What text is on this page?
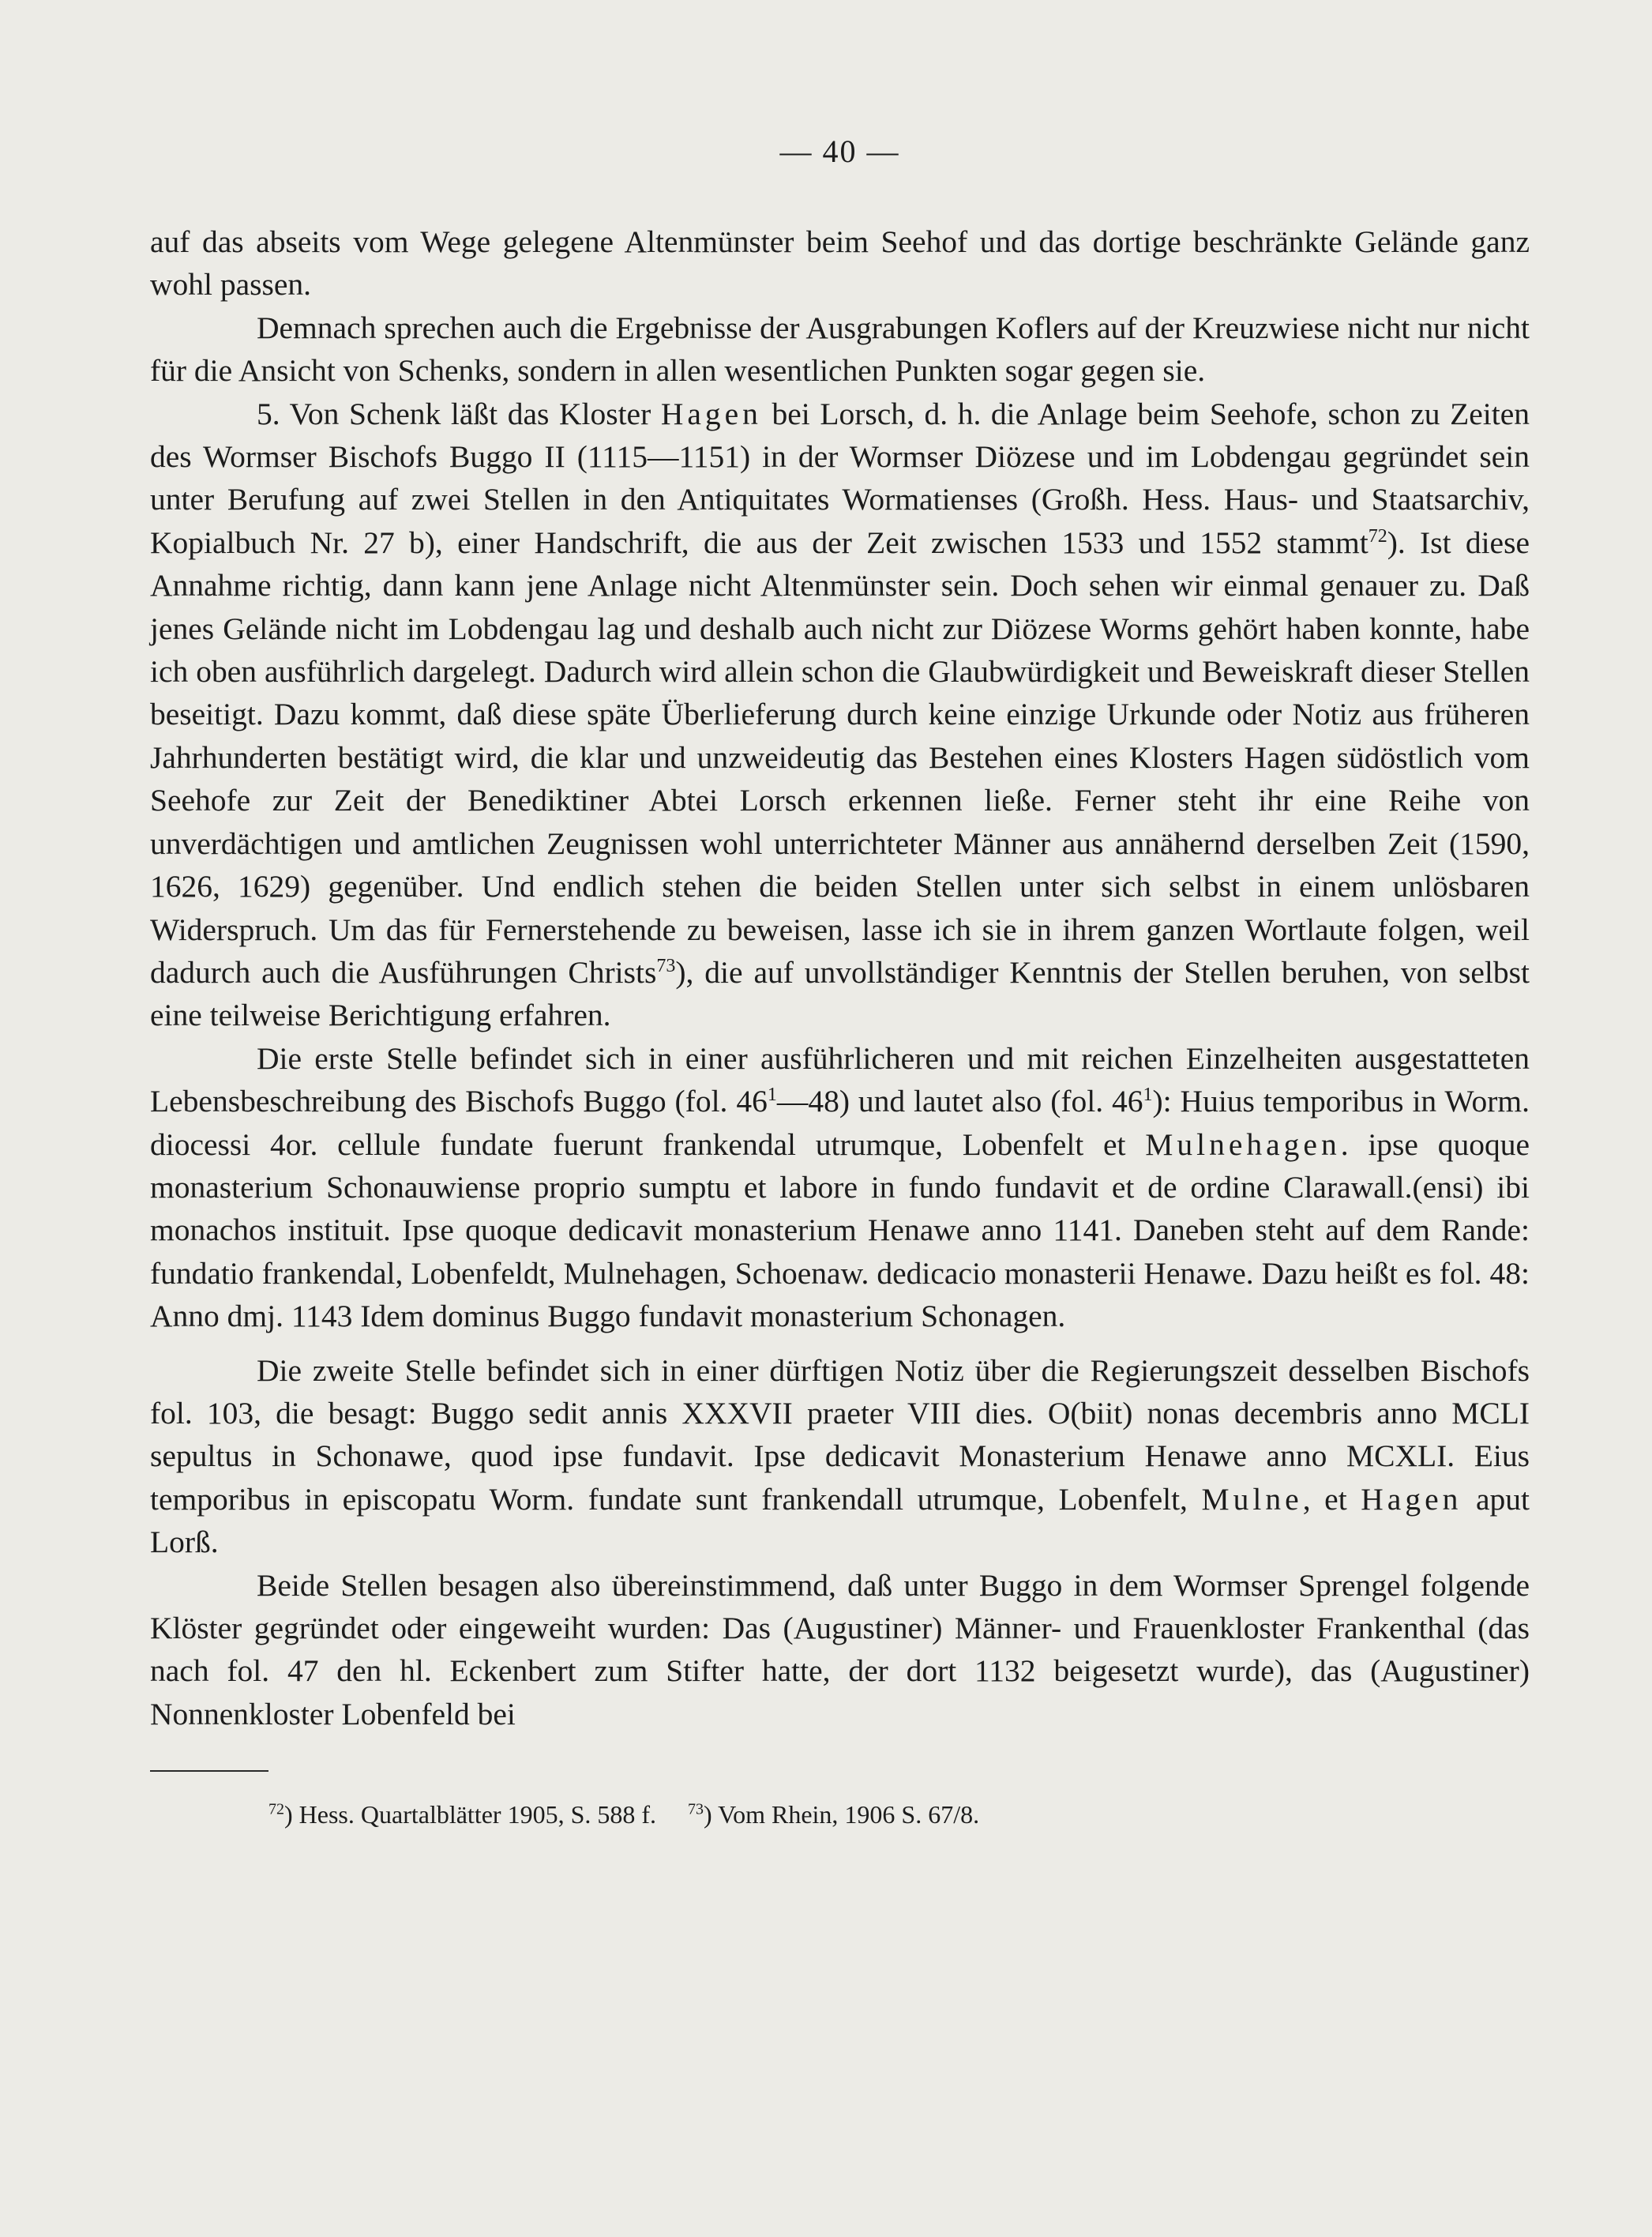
— 40 —

auf das abseits vom Wege gelegene Altenmünster beim Seehof und das dortige beschränkte Gelände ganz wohl passen.

Demnach sprechen auch die Ergebnisse der Ausgrabungen Koflers auf der Kreuzwiese nicht nur nicht für die Ansicht von Schenks, sondern in allen wesentlichen Punkten sogar gegen sie.

5. Von Schenk läßt das Kloster Hagen bei Lorsch, d. h. die Anlage beim Seehofe, schon zu Zeiten des Wormser Bischofs Buggo II (1115—1151) in der Wormser Diözese und im Lobdengau gegründet sein unter Berufung auf zwei Stellen in den Antiquitates Wormatienses (Großh. Hess. Haus- und Staatsarchiv, Kopialbuch Nr. 27 b), einer Handschrift, die aus der Zeit zwischen 1533 und 1552 stammt$^{72}$). Ist diese Annahme richtig, dann kann jene Anlage nicht Altenmünster sein. Doch sehen wir einmal genauer zu. Daß jenes Gelände nicht im Lobdengau lag und deshalb auch nicht zur Diözese Worms gehört haben konnte, habe ich oben ausführlich dargelegt. Dadurch wird allein schon die Glaubwürdigkeit und Beweiskraft dieser Stellen beseitigt. Dazu kommt, daß diese späte Überlieferung durch keine einzige Urkunde oder Notiz aus früheren Jahrhunderten bestätigt wird, die klar und unzweideutig das Bestehen eines Klosters Hagen südöstlich vom Seehofe zur Zeit der Benediktiner Abtei Lorsch erkennen ließe. Ferner steht ihr eine Reihe von unverdächtigen und amtlichen Zeugnissen wohl unterrichteter Männer aus annähernd derselben Zeit (1590, 1626, 1629) gegenüber. Und endlich stehen die beiden Stellen unter sich selbst in einem unlösbaren Widerspruch. Um das für Fernerstehende zu beweisen, lasse ich sie in ihrem ganzen Wortlaute folgen, weil dadurch auch die Ausführungen Christs$^{73}$), die auf unvollständiger Kenntnis der Stellen beruhen, von selbst eine teilweise Berichtigung erfahren.

Die erste Stelle befindet sich in einer ausführlicheren und mit reichen Einzelheiten ausgestatteten Lebensbeschreibung des Bischofs Buggo (fol. $46^1—48$) und lautet also (fol. $46^1$): Huius temporibus in Worm. diocessi 4or. cellule fundate fuerunt frankendal utrumque, Lobenfelt et Mulnehagen. ipse quoque monasterium Schonauwiense proprio sumptu et labore in fundo fundavit et de ordine Clarawall.(ensi) ibi monachos instituit. Ipse quoque dedicavit monasterium Henawe anno 1141. Daneben steht auf dem Rande: fundatio frankendal, Lobenfeldt, Mulnehagen, Schoenaw. dedicacio monasterii Henawe. Dazu heißt es fol. 48: Anno dmj. 1143 Idem dominus Buggo fundavit monasterium Schonagen.

Die zweite Stelle befindet sich in einer dürftigen Notiz über die Regierungszeit desselben Bischofs fol. 103, die besagt: Buggo sedit annis XXXVII praeter VIII dies. O(biit) nonas decembris anno MCLI sepultus in Schonawe, quod ipse fundavit. Ipse dedicavit Monasterium Henawe anno MCXLI. Eius temporibus in episcopatu Worm. fundate sunt frankendall utrumque, Lobenfelt, Mulne, et Hagen aput Lorß.

Beide Stellen besagen also übereinstimmend, daß unter Buggo in dem Wormser Sprengel folgende Klöster gegründet oder eingeweiht wurden: Das (Augustiner) Männer- und Frauenkloster Frankenthal (das nach fol. 47 den hl. Eckenbert zum Stifter hatte, der dort 1132 beigesetzt wurde), das (Augustiner) Nonnenkloster Lobenfeld bei

$^{72}$) Hess. Quartalblätter 1905, S. 588 f. $^{73}$) Vom Rhein, 1906 S. 67/8.
